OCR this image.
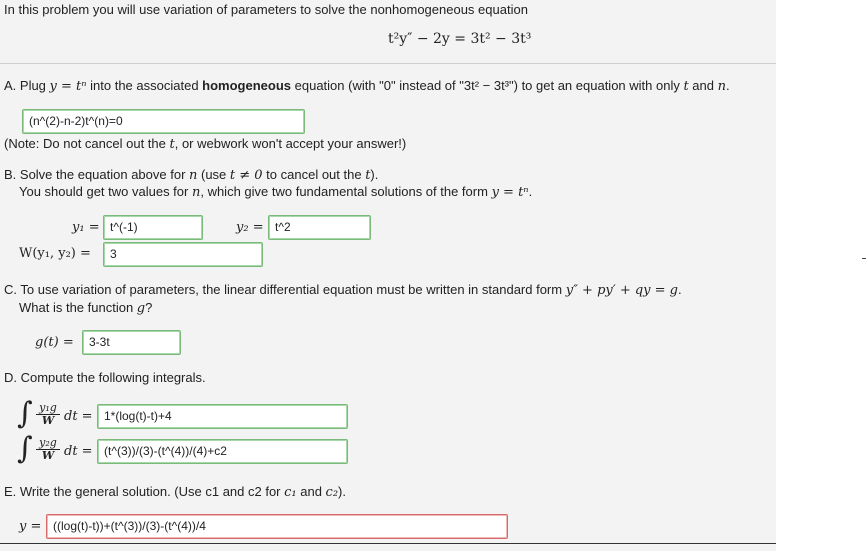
In this problem you will use variation of parameters to solve the nonhomogeneous equation
t²y″ − 2y = 3t² − 3t³
A. Plug y = tⁿ into the associated homogeneous equation (with "0" instead of "3t² − 3t³") to get an equation with only t and n.
(n^(2)-n-2)t^(n)=0
(Note: Do not cancel out the t, or webwork won't accept your answer!)
B. Solve the equation above for n (use t ≠ 0 to cancel out the t).
You should get two values for n, which give two fundamental solutions of the form y = tⁿ.
y₁ = t^(-1)	y₂ = t^2
W(y₁, y₂) =	3
C. To use variation of parameters, the linear differential equation must be written in standard form y″ + py′ + qy = g.
What is the function g?
g(t) =	3-3t
D. Compute the following integrals.
∫ $\frac{\text{y₁g}}{W}$ dt = 1*(log(t)-t)+4
∫ $\frac{\text{y₂g}}{W}$ dt = (t^(3))/(3)-(t^(4))/(4)+c2
E. Write the general solution. (Use c1 and c2 for c₁ and c₂).
y = ((log(t)-t))+(t^(3))/(3)-(t^(4))/4
